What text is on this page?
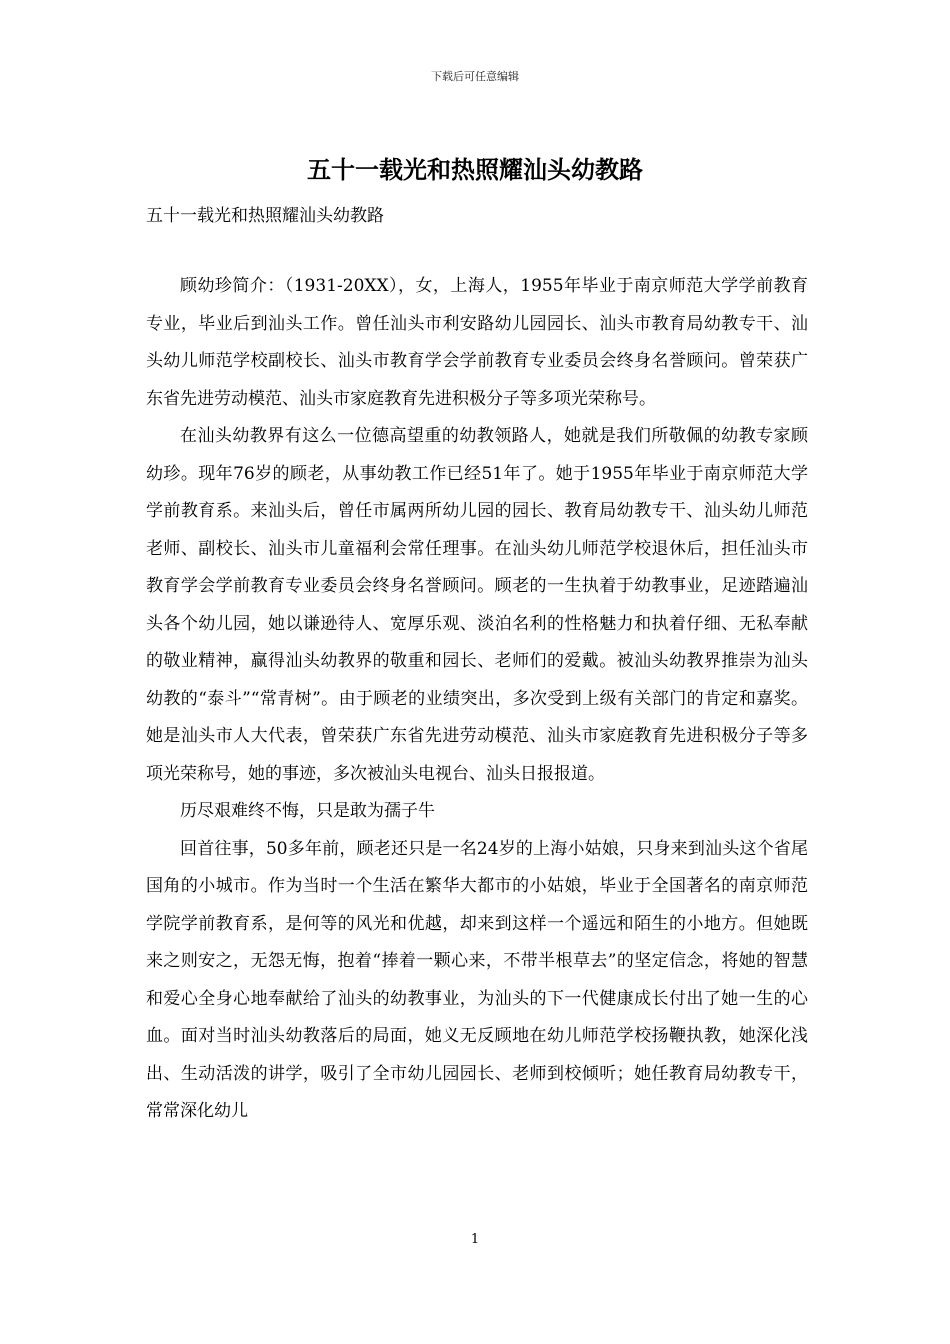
下载后可任意编辑
五十一载光和热照耀汕头幼教路
五十一载光和热照耀汕头幼教路

顾幼珍简介：（1931-20XX），女，上海人，1955年毕业于南京师范大学学前教育专业，毕业后到汕头工作。曾任汕头市利安路幼儿园园长、汕头市教育局幼教专干、汕头幼儿师范学校副校长、汕头市教育学会学前教育专业委员会终身名誉顾问。曾荣获广东省先进劳动模范、汕头市家庭教育先进积极分子等多项光荣称号。

在汕头幼教界有这么一位德高望重的幼教领路人，她就是我们所敬佩的幼教专家顾幼珍。现年76岁的顾老，从事幼教工作已经51年了。她于1955年毕业于南京师范大学学前教育系。来汕头后，曾任市属两所幼儿园的园长、教育局幼教专干、汕头幼儿师范老师、副校长、汕头市儿童福利会常任理事。在汕头幼儿师范学校退休后，担任汕头市教育学会学前教育专业委员会终身名誉顾问。顾老的一生执着于幼教事业，足迹踏遍汕头各个幼儿园，她以谦逊待人、宽厚乐观、淡泊名利的性格魅力和执着仔细、无私奉献的敬业精神，赢得汕头幼教界的敬重和园长、老师们的爱戴。被汕头幼教界推崇为汕头幼教的“泰斗”“常青树”。由于顾老的业绩突出，多次受到上级有关部门的肯定和嘉奖。她是汕头市人大代表，曾荣获广东省先进劳动模范、汕头市家庭教育先进积极分子等多项光荣称号，她的事迹，多次被汕头电视台、汕头日报报道。

历尽艰难终不悔，只是敢为孺子牛

回首往事，50多年前，顾老还只是一名24岁的上海小姑娘，只身来到汕头这个省尾国角的小城市。作为当时一个生活在繁华大都市的小姑娘，毕业于全国著名的南京师范学院学前教育系，是何等的风光和优越，却来到这样一个遥远和陌生的小地方。但她既来之则安之，无怨无悔，抱着“捧着一颗心来，不带半根草去”的坚定信念，将她的智慧和爱心全身心地奉献给了汕头的幼教事业，为汕头的下一代健康成长付出了她一生的心血。面对当时汕头幼教落后的局面，她义无反顾地在幼儿师范学校扬鞭执教，她深化浅出、生动活泼的讲学，吸引了全市幼儿园园长、老师到校倾听；她任教育局幼教专干，常常深化幼儿

1
